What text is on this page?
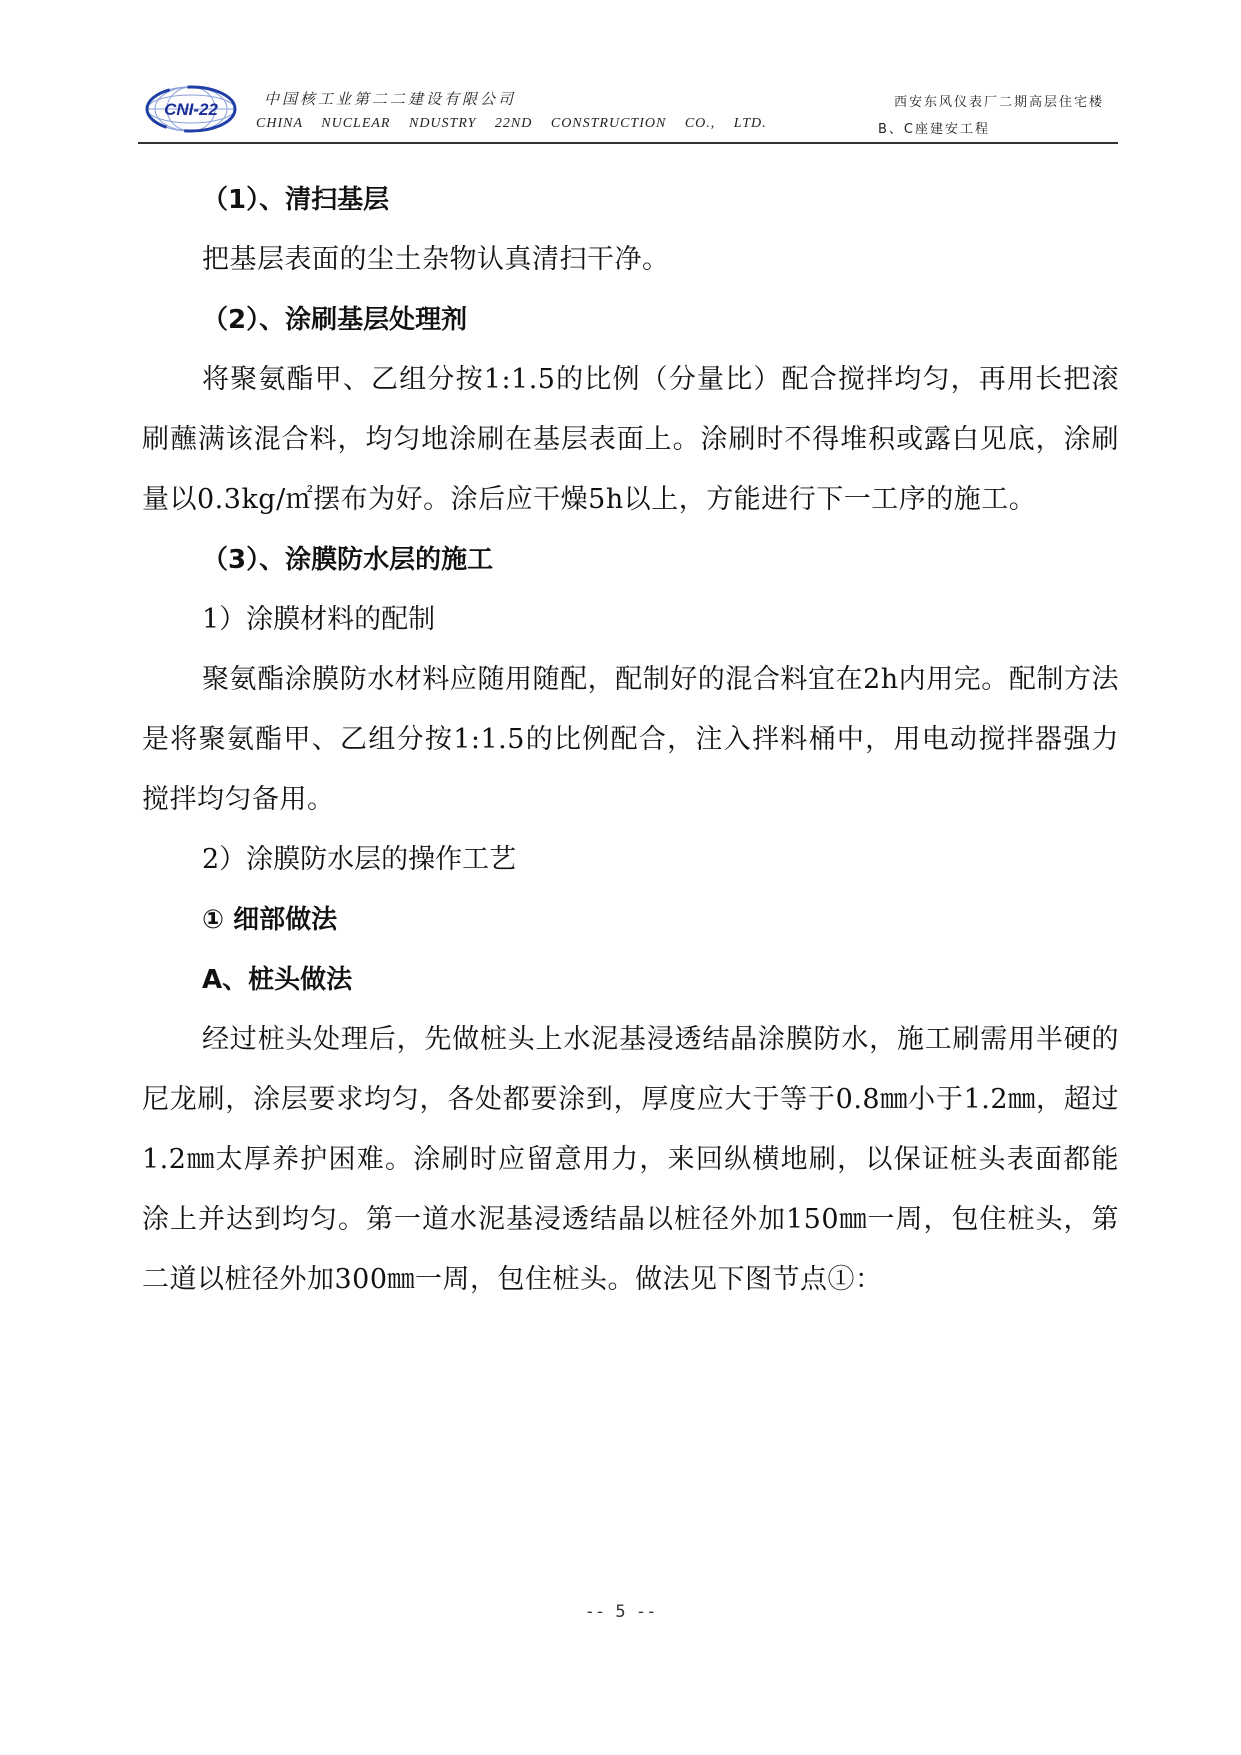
CNI-22
中国核工业第二二建设有限公司
CHINA NUCLEAR NDUSTRY 22ND CONSTRUCTION CO., LTD.
西安东风仪表厂二期高层住宅楼
B、C座建安工程

（1）、清扫基层

把基层表面的尘土杂物认真清扫干净。

（2）、涂刷基层处理剂

将聚氨酯甲、乙组分按1:1.5的比例（分量比）配合搅拌均匀，再用长把滚刷蘸满该混合料，均匀地涂刷在基层表面上。涂刷时不得堆积或露白见底，涂刷量以0.3kg/㎡摆布为好。涂后应干燥5h以上，方能进行下一工序的施工。

（3）、涂膜防水层的施工

1）涂膜材料的配制

聚氨酯涂膜防水材料应随用随配，配制好的混合料宜在2h内用完。配制方法是将聚氨酯甲、乙组分按1:1.5的比例配合，注入拌料桶中，用电动搅拌器强力搅拌均匀备用。

2）涂膜防水层的操作工艺

① 细部做法

A、桩头做法

经过桩头处理后，先做桩头上水泥基浸透结晶涂膜防水，施工刷需用半硬的尼龙刷，涂层要求均匀，各处都要涂到，厚度应大于等于0.8㎜小于1.2㎜，超过1.2㎜太厚养护困难。涂刷时应留意用力，来回纵横地刷，以保证桩头表面都能涂上并达到均匀。第一道水泥基浸透结晶以桩径外加150㎜一周，包住桩头，第二道以桩径外加300㎜一周，包住桩头。做法见下图节点①：

-- 5 --
